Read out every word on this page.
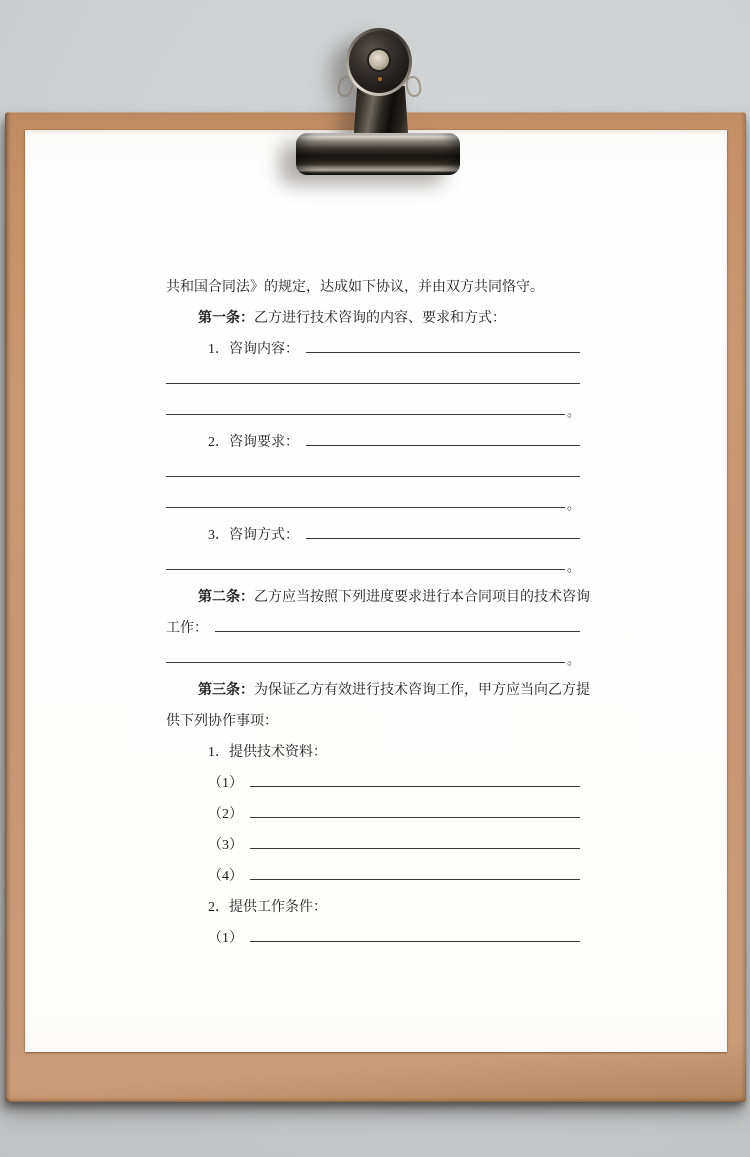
共和国合同法》的规定，达成如下协议，并由双方共同恪守。
第一条： 乙方进行技术咨询的内容、要求和方式：
1．咨询内容：
。
2．咨询要求：
。
3．咨询方式：
。
第二条： 乙方应当按照下列进度要求进行本合同项目的技术咨询
工作：
。
第三条： 为保证乙方有效进行技术咨询工作，甲方应当向乙方提
供下列协作事项：
1．提供技术资料：
（1）
（2）
（3）
（4）
2．提供工作条件：
（1）
